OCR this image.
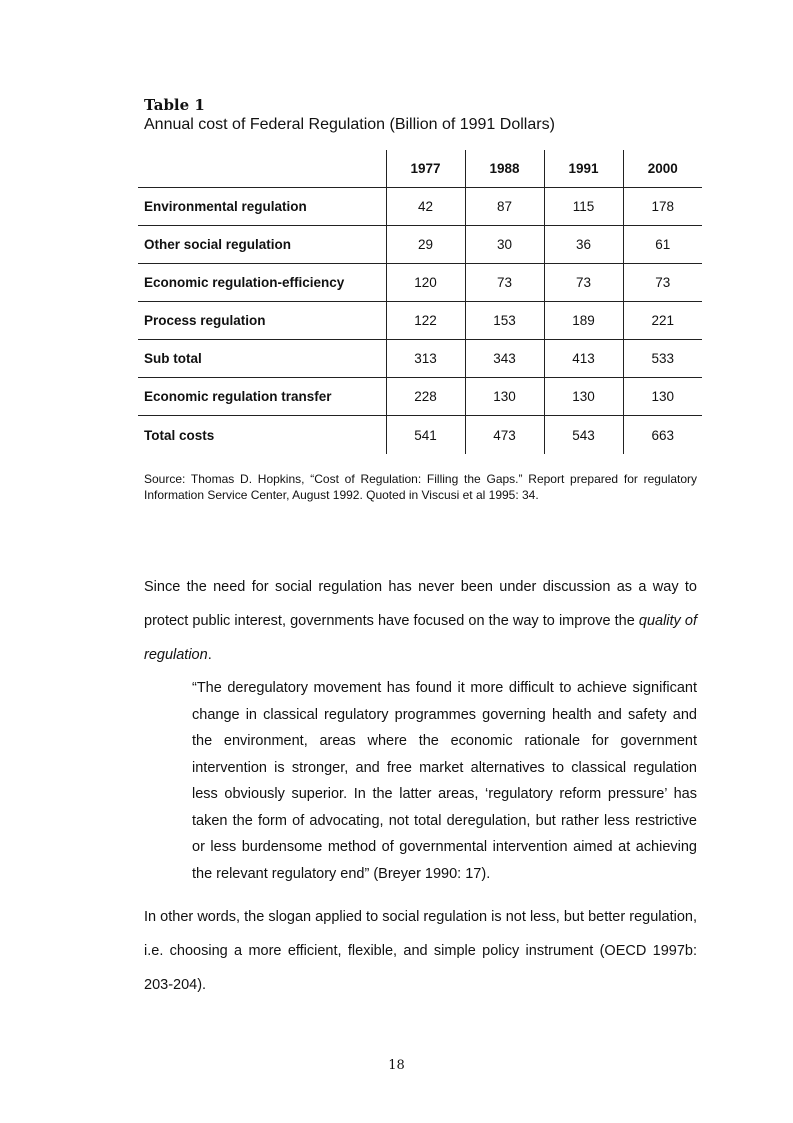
Table 1
Annual cost of Federal Regulation (Billion of 1991 Dollars)
	1977	1988	1991	2000
Environmental regulation	42	87	115	178
Other social regulation	29	30	36	61
Economic regulation-efficiency	120	73	73	73
Process regulation	122	153	189	221
Sub total	313	343	413	533
Economic regulation transfer	228	130	130	130
Total costs	541	473	543	663
Source: Thomas D. Hopkins, “Cost of Regulation: Filling the Gaps.” Report prepared for regulatory Information Service Center, August 1992. Quoted in Viscusi et al 1995: 34.
Since the need for social regulation has never been under discussion as a way to protect public interest, governments have focused on the way to improve the quality of regulation.
“The deregulatory movement has found it more difficult to achieve significant change in classical regulatory programmes governing health and safety and the environment, areas where the economic rationale for government intervention is stronger, and free market alternatives to classical regulation less obviously superior. In the latter areas, ‘regulatory reform pressure’ has taken the form of advocating, not total deregulation, but rather less restrictive or less burdensome method of governmental intervention aimed at achieving the relevant regulatory end” (Breyer 1990: 17).
In other words, the slogan applied to social regulation is not less, but better regulation, i.e. choosing a more efficient, flexible, and simple policy instrument (OECD 1997b: 203-204).
18
